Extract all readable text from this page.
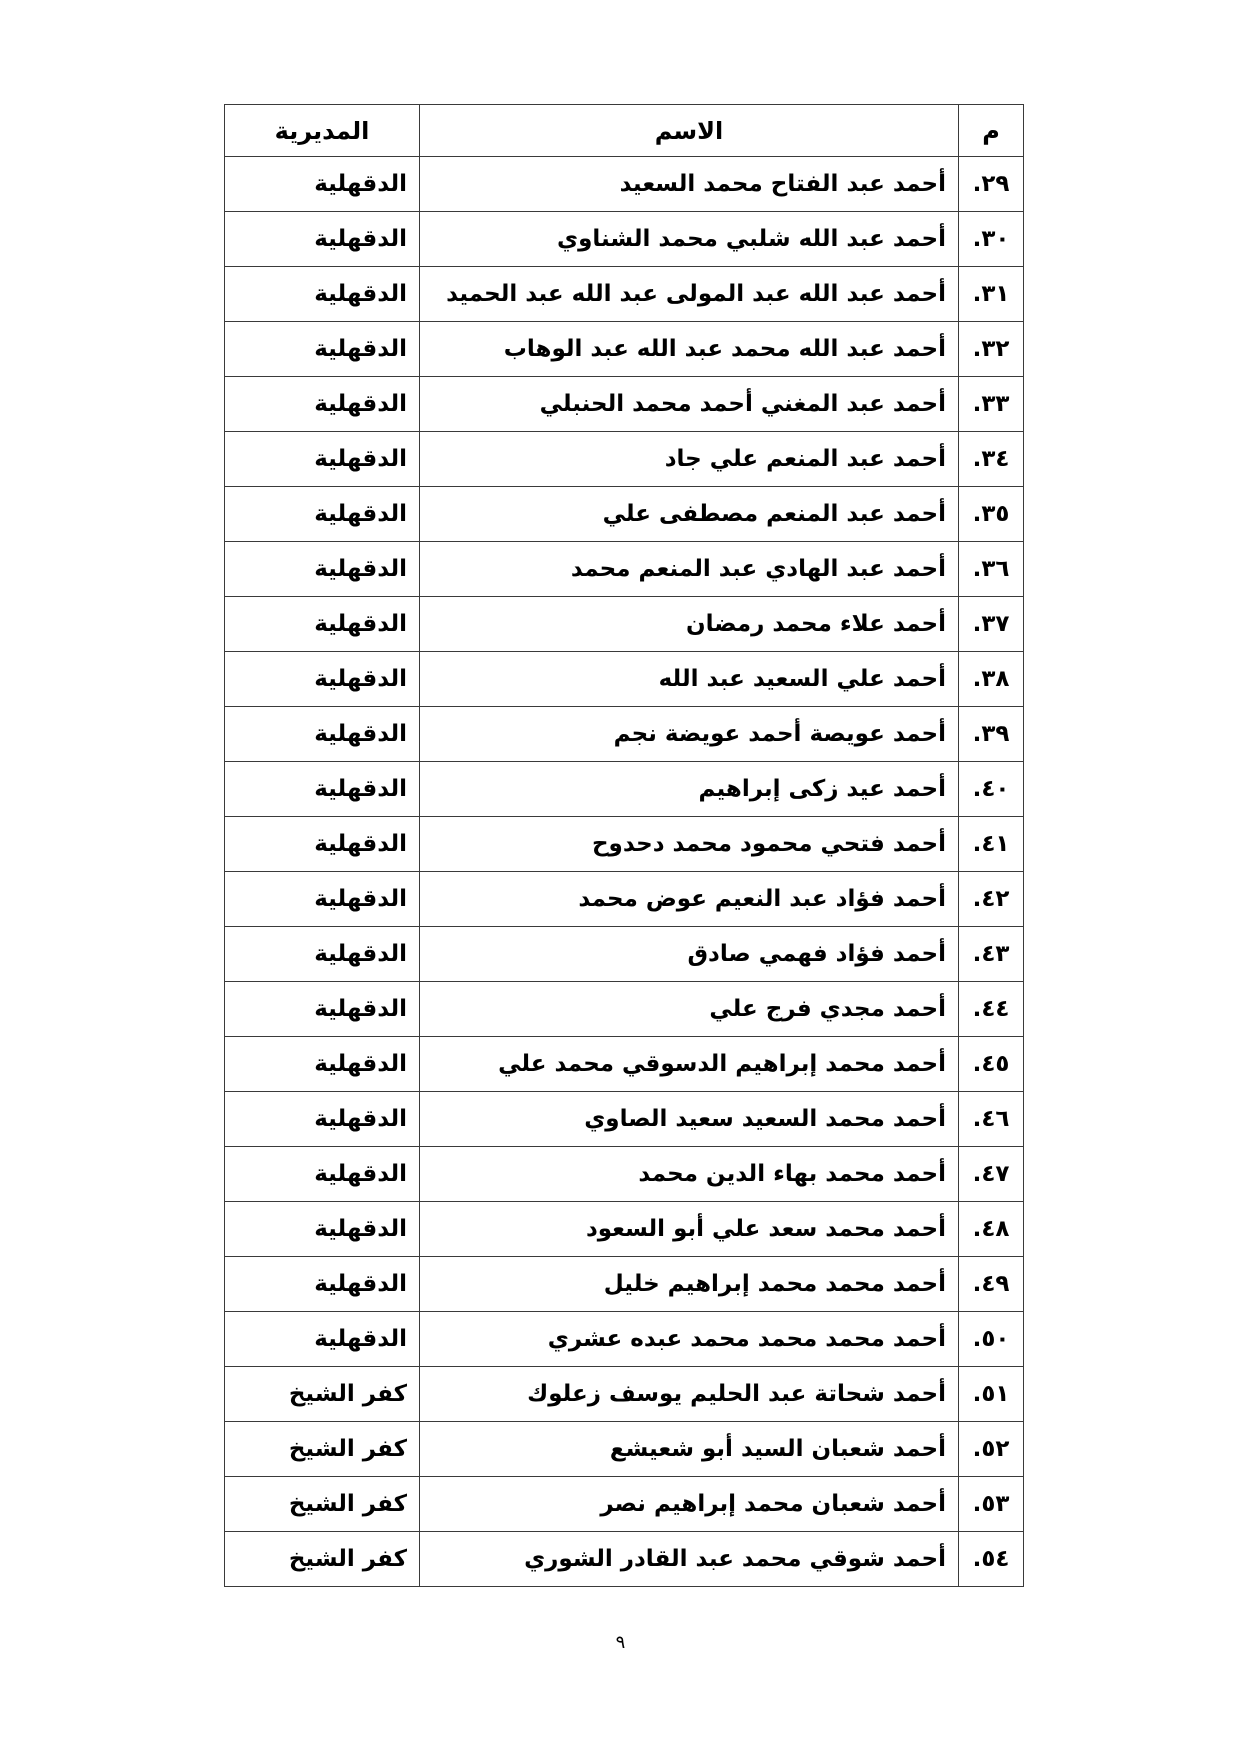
م	الاسم	المديرية
٢٩.	أحمد عبد الفتاح محمد السعيد	الدقهلية
٣٠.	أحمد عبد الله شلبي محمد الشناوي	الدقهلية
٣١.	أحمد عبد الله عبد المولى عبد الله عبد الحميد	الدقهلية
٣٢.	أحمد عبد الله محمد عبد الله عبد الوهاب	الدقهلية
٣٣.	أحمد عبد المغني أحمد محمد الحنبلي	الدقهلية
٣٤.	أحمد عبد المنعم علي جاد	الدقهلية
٣٥.	أحمد عبد المنعم مصطفى علي	الدقهلية
٣٦.	أحمد عبد الهادي عبد المنعم محمد	الدقهلية
٣٧.	أحمد علاء محمد رمضان	الدقهلية
٣٨.	أحمد علي السعيد عبد الله	الدقهلية
٣٩.	أحمد عويصة أحمد عويضة نجم	الدقهلية
٤٠.	أحمد عيد زكى إبراهيم	الدقهلية
٤١.	أحمد فتحي محمود محمد دحدوح	الدقهلية
٤٢.	أحمد فؤاد عبد النعيم عوض محمد	الدقهلية
٤٣.	أحمد فؤاد فهمي صادق	الدقهلية
٤٤.	أحمد مجدي فرج علي	الدقهلية
٤٥.	أحمد محمد إبراهيم الدسوقي محمد علي	الدقهلية
٤٦.	أحمد محمد السعيد سعيد الصاوي	الدقهلية
٤٧.	أحمد محمد بهاء الدين محمد	الدقهلية
٤٨.	أحمد محمد سعد علي أبو السعود	الدقهلية
٤٩.	أحمد محمد محمد إبراهيم خليل	الدقهلية
٥٠.	أحمد محمد محمد محمد عبده عشري	الدقهلية
٥١.	أحمد شحاتة عبد الحليم يوسف زعلوك	كفر الشيخ
٥٢.	أحمد شعبان السيد أبو شعيشع	كفر الشيخ
٥٣.	أحمد شعبان محمد إبراهيم نصر	كفر الشيخ
٥٤.	أحمد شوقي محمد عبد القادر الشوري	كفر الشيخ
٩
